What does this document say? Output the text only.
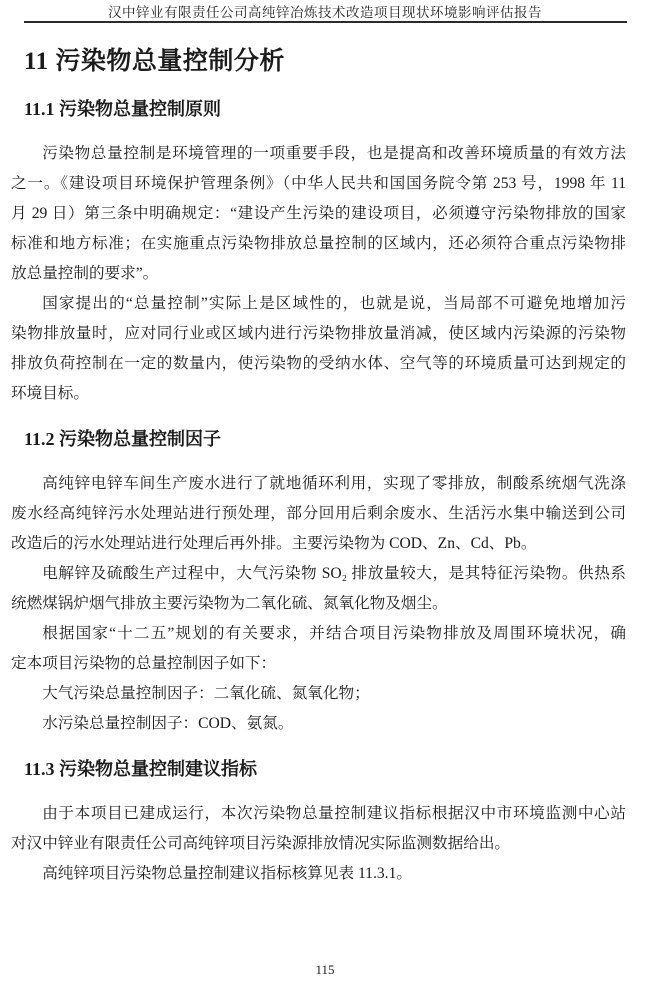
汉中锌业有限责任公司高纯锌冶炼技术改造项目现状环境影响评估报告
11 污染物总量控制分析
11.1 污染物总量控制原则

污染物总量控制是环境管理的一项重要手段，也是提高和改善环境质量的有效方法
之一。《建设项目环境保护管理条例》（中华人民共和国国务院令第 253 号，1998 年 11
月 29 日）第三条中明确规定：“建设产生污染的建设项目，必须遵守污染物排放的国家
标准和地方标准；在实施重点污染物排放总量控制的区域内，还必须符合重点污染物排
放总量控制的要求”。

国家提出的“总量控制”实际上是区域性的，也就是说，当局部不可避免地增加污
染物排放量时，应对同行业或区域内进行污染物排放量消减，使区域内污染源的污染物
排放负荷控制在一定的数量内，使污染物的受纳水体、空气等的环境质量可达到规定的
环境目标。

11.2 污染物总量控制因子

高纯锌电锌车间生产废水进行了就地循环利用，实现了零排放，制酸系统烟气洗涤
废水经高纯锌污水处理站进行预处理，部分回用后剩余废水、生活污水集中输送到公司
改造后的污水处理站进行处理后再外排。主要污染物为 COD、Zn、Cd、Pb。

电解锌及硫酸生产过程中，大气污染物 SO₂ 排放量较大，是其特征污染物。供热系
统燃煤锅炉烟气排放主要污染物为二氧化硫、氮氧化物及烟尘。

根据国家“十二五”规划的有关要求，并结合项目污染物排放及周围环境状况，确
定本项目污染物的总量控制因子如下：

大气污染总量控制因子：二氧化硫、氮氧化物；

水污染总量控制因子：COD、氨氮。

11.3 污染物总量控制建议指标

由于本项目已建成运行，本次污染物总量控制建议指标根据汉中市环境监测中心站
对汉中锌业有限责任公司高纯锌项目污染源排放情况实际监测数据给出。

高纯锌项目污染物总量控制建议指标核算见表 11.3.1。

115
